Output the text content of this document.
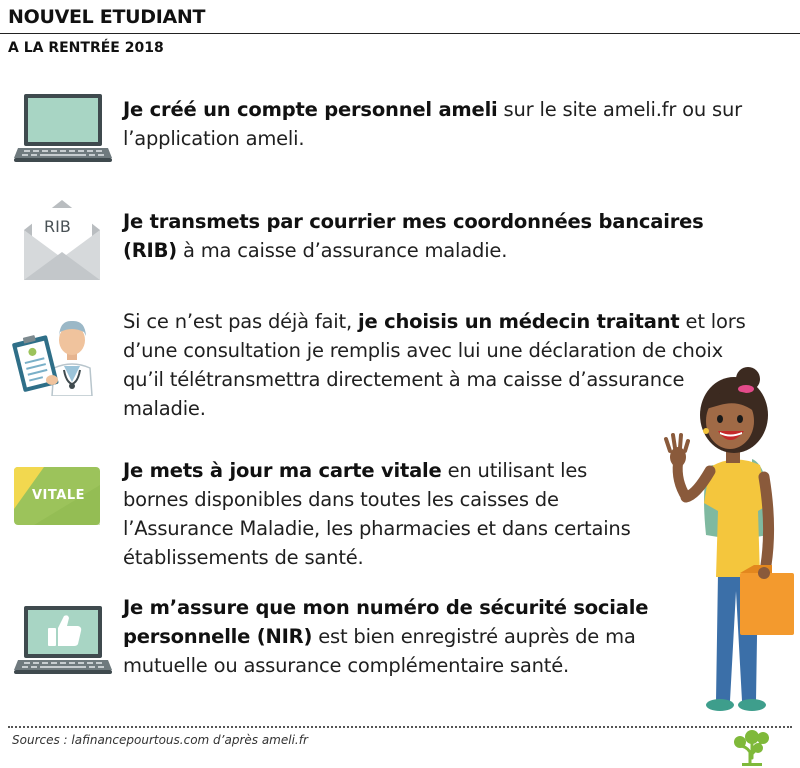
NOUVEL ETUDIANT
A LA RENTRÉE 2018
Je créé un compte personnel ameli sur le site ameli.fr ou sur l’application ameli.
RIB	Je transmets par courrier mes coordonnées bancaires (RIB) à ma caisse d’assurance maladie.
Si ce n’est pas déjà fait, je choisis un médecin traitant et lors d’une consultation je remplis avec lui une déclaration de choix qu’il télétransmettra directement à ma caisse d’assurance maladie.
VITALE
Je mets à jour ma carte vitale en utilisant les bornes disponibles dans toutes les caisses de l’Assurance Maladie, les pharmacies et dans certains établissements de santé.
Je m’assure que mon numéro de sécurité sociale personnelle (NIR) est bien enregistré auprès de ma mutuelle ou assurance complémentaire santé.
Sources : lafinancepourtous.com d’après ameli.fr
